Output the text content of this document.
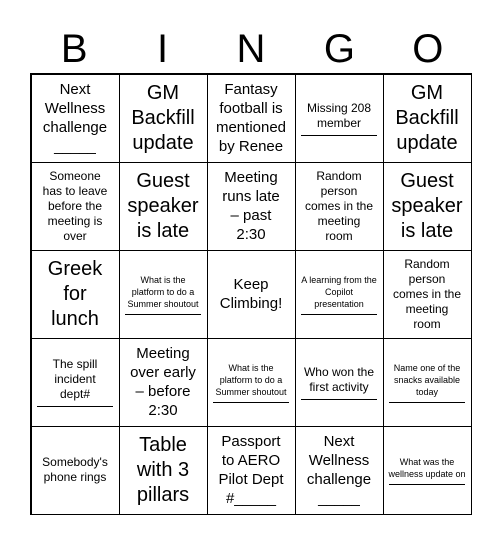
B	I	N	G	O
Next
Wellness
challenge
_____
GM
Backfill
update
Fantasy
football is
mentioned
by Renee
Missing 208
member
GM
Backfill
update
Someone
has to leave
before the
meeting is
over
Guest
speaker
is late
Meeting
runs late
– past
2:30
Random
person
comes in the
meeting
room
Guest
speaker
is late
Greek
for
lunch
What is the
platform to do a
Summer shoutout
Keep
Climbing!
A learning from the
Copilot
presentation
Random
person
comes in the
meeting
room
The spill
incident
dept#
Meeting
over early
– before
2:30
What is the
platform to do a
Summer shoutout
Who won the
first activity
Name one of the
snacks available today
Somebody's
phone rings
Table
with 3
pillars
Passport
to AERO
Pilot Dept
#_____
Next
Wellness
challenge
_____
What was the
wellness update on
